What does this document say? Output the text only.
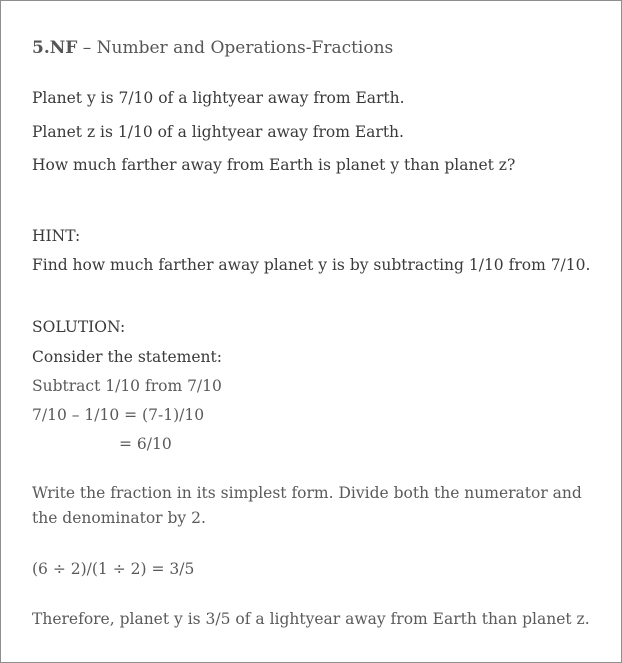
5.NF – Number and Operations-Fractions

Planet y is 7/10 of a lightyear away from Earth.

Planet z is 1/10 of a lightyear away from Earth.

How much farther away from Earth is planet y than planet z?

HINT:

Find how much farther away planet y is by subtracting 1/10 from 7/10.

SOLUTION:

Consider the statement:

Subtract 1/10 from 7/10

7/10 – 1/10 = (7-1)/10

= 6/10

Write the fraction in its simplest form. Divide both the numerator and the denominator by 2.

(6 ÷ 2)/(1 ÷ 2) = 3/5

Therefore, planet y is 3/5 of a lightyear away from Earth than planet z.
